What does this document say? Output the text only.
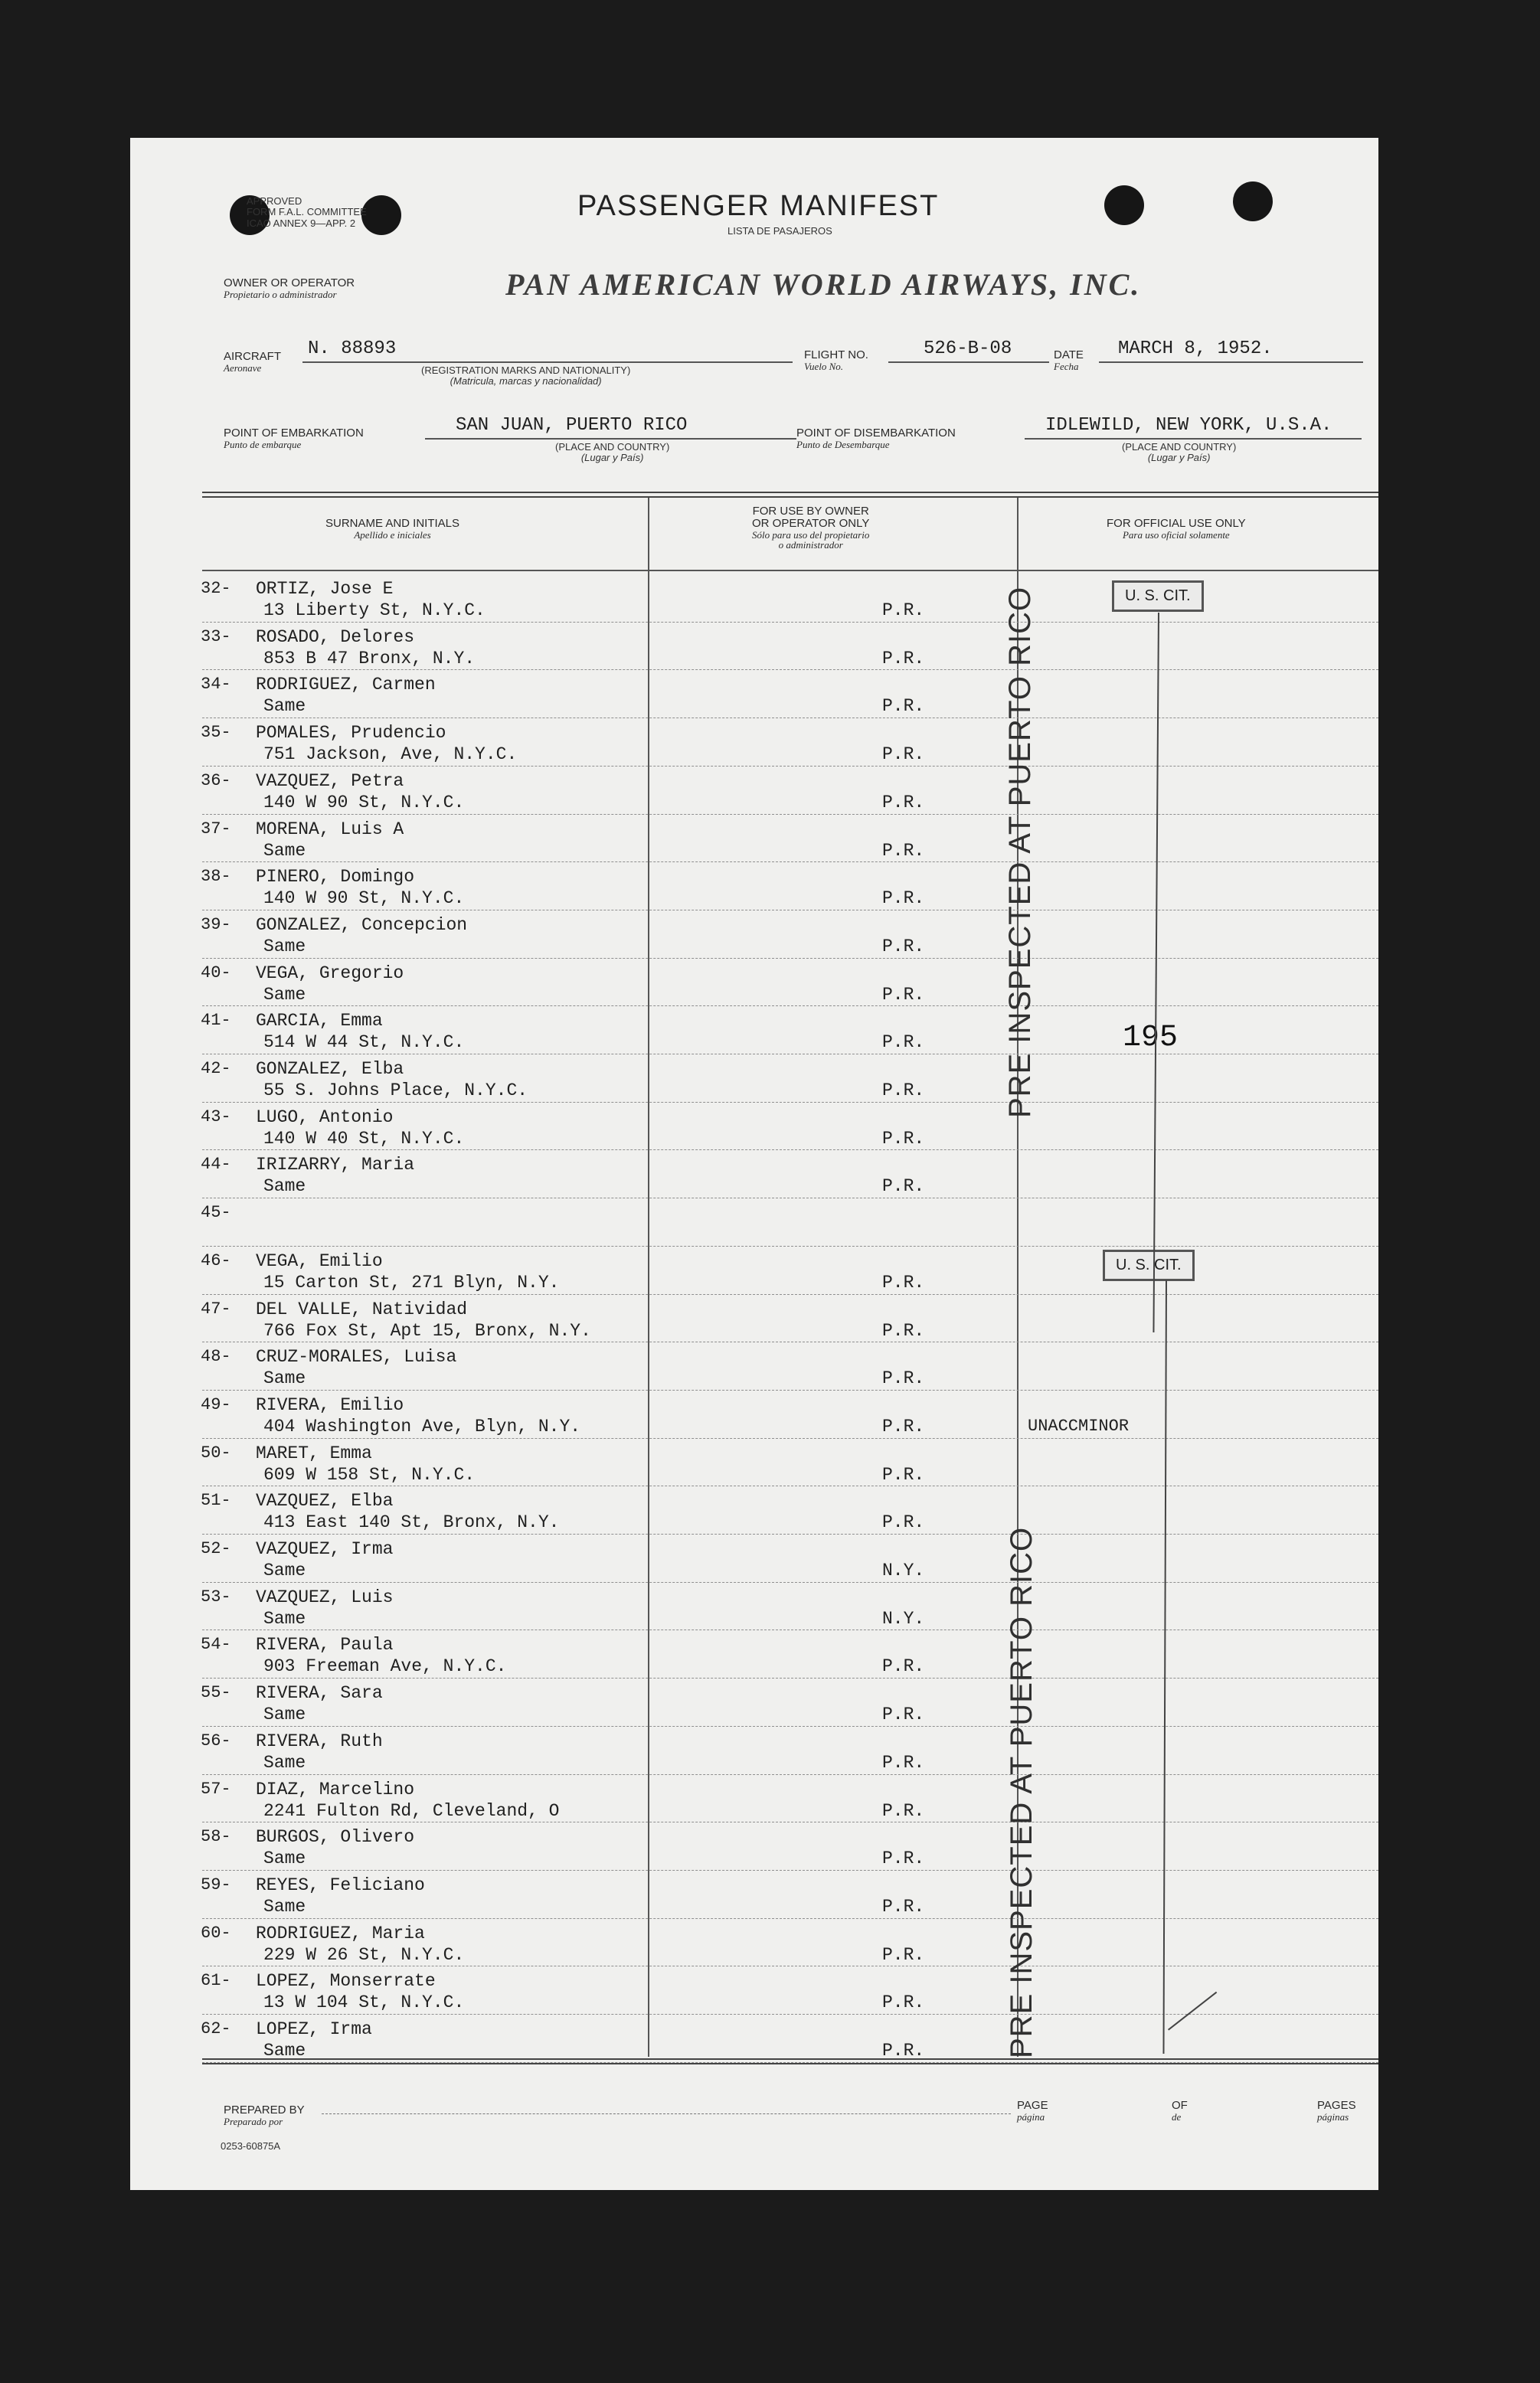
APPROVED
FORM F.A.L. COMMITTEE
ICAO ANNEX 9—APP. 2
PASSENGER MANIFEST
LISTA DE PASAJEROS
OWNER OR OPERATOR
Propietario o administrador	PAN AMERICAN WORLD AIRWAYS, INC.
AIRCRAFT
Aeronave
N. 88893
(REGISTRATION MARKS AND NATIONALITY)
(Matricula, marcas y nacionalidad)
FLIGHT NO.
Vuelo No.
526-B-08	DATE
Fecha
MARCH 8, 1952.
POINT OF EMBARKATION
Punto de embarque
SAN JUAN, PUERTO RICO
(PLACE AND COUNTRY)
(Lugar y País)
POINT OF DISEMBARKATION
Punto de Desembarque
IDLEWILD, NEW YORK, U.S.A.
(PLACE AND COUNTRY)
(Lugar y País)
SURNAME AND INITIALS
Apellido e iniciales
FOR USE BY OWNER
OR OPERATOR ONLY
Sólo para uso del propietario
o administrador
FOR OFFICIAL USE ONLY
Para uso oficial solamente
32- ORTIZ, Jose E
13 Liberty St, N.Y.C.	P.R.
33- ROSADO, Delores
853 B 47 Bronx, N.Y.	P.R.
34- RODRIGUEZ, Carmen
Same	P.R.
35- POMALES, Prudencio
751 Jackson, Ave, N.Y.C.	P.R.
36- VAZQUEZ, Petra
140 W 90 St, N.Y.C.	P.R.
37- MORENA, Luis A
Same	P.R.
38- PINERO, Domingo
140 W 90 St, N.Y.C.	P.R.
39- GONZALEZ, Concepcion
Same	P.R.
40- VEGA, Gregorio
Same	P.R.
41- GARCIA, Emma
514 W 44 St, N.Y.C.	P.R.
42- GONZALEZ, Elba
55 S. Johns Place, N.Y.C.	P.R.
43- LUGO, Antonio
140 W 40 St, N.Y.C.	P.R.
44- IRIZARRY, Maria
Same	P.R.
45-
46- VEGA, Emilio
15 Carton St, 271 Blyn, N.Y.	P.R.
47- DEL VALLE, Natividad
766 Fox St, Apt 15, Bronx, N.Y.	P.R.
48- CRUZ-MORALES, Luisa
Same	P.R.
49- RIVERA, Emilio
404 Washington Ave, Blyn, N.Y.	P.R.	UNACCMINOR
50- MARET, Emma
609 W 158 St, N.Y.C.	P.R.
51- VAZQUEZ, Elba
413 East 140 St, Bronx, N.Y.	P.R.
52- VAZQUEZ, Irma
Same	N.Y.
53- VAZQUEZ, Luis
Same	N.Y.
54- RIVERA, Paula
903 Freeman Ave, N.Y.C.	P.R.
55- RIVERA, Sara
Same	P.R.
56- RIVERA, Ruth
Same	P.R.
57- DIAZ, Marcelino
2241 Fulton Rd, Cleveland, O	P.R.
58- BURGOS, Olivero
Same	P.R.
59- REYES, Feliciano
Same	P.R.
60- RODRIGUEZ, Maria
229 W 26 St, N.Y.C.	P.R.
61- LOPEZ, Monserrate
13 W 104 St, N.Y.C.	P.R.
62- LOPEZ, Irma
Same	P.R.
PRE INSPECTED AT PUERTO RICO
PRE INSPECTED AT PUERTO RICO
U. S. CIT.
U. S. CIT.
195
PREPARED BY
Preparado por
PAGE
página
OF
de
PAGES
páginas
0253-60875A
